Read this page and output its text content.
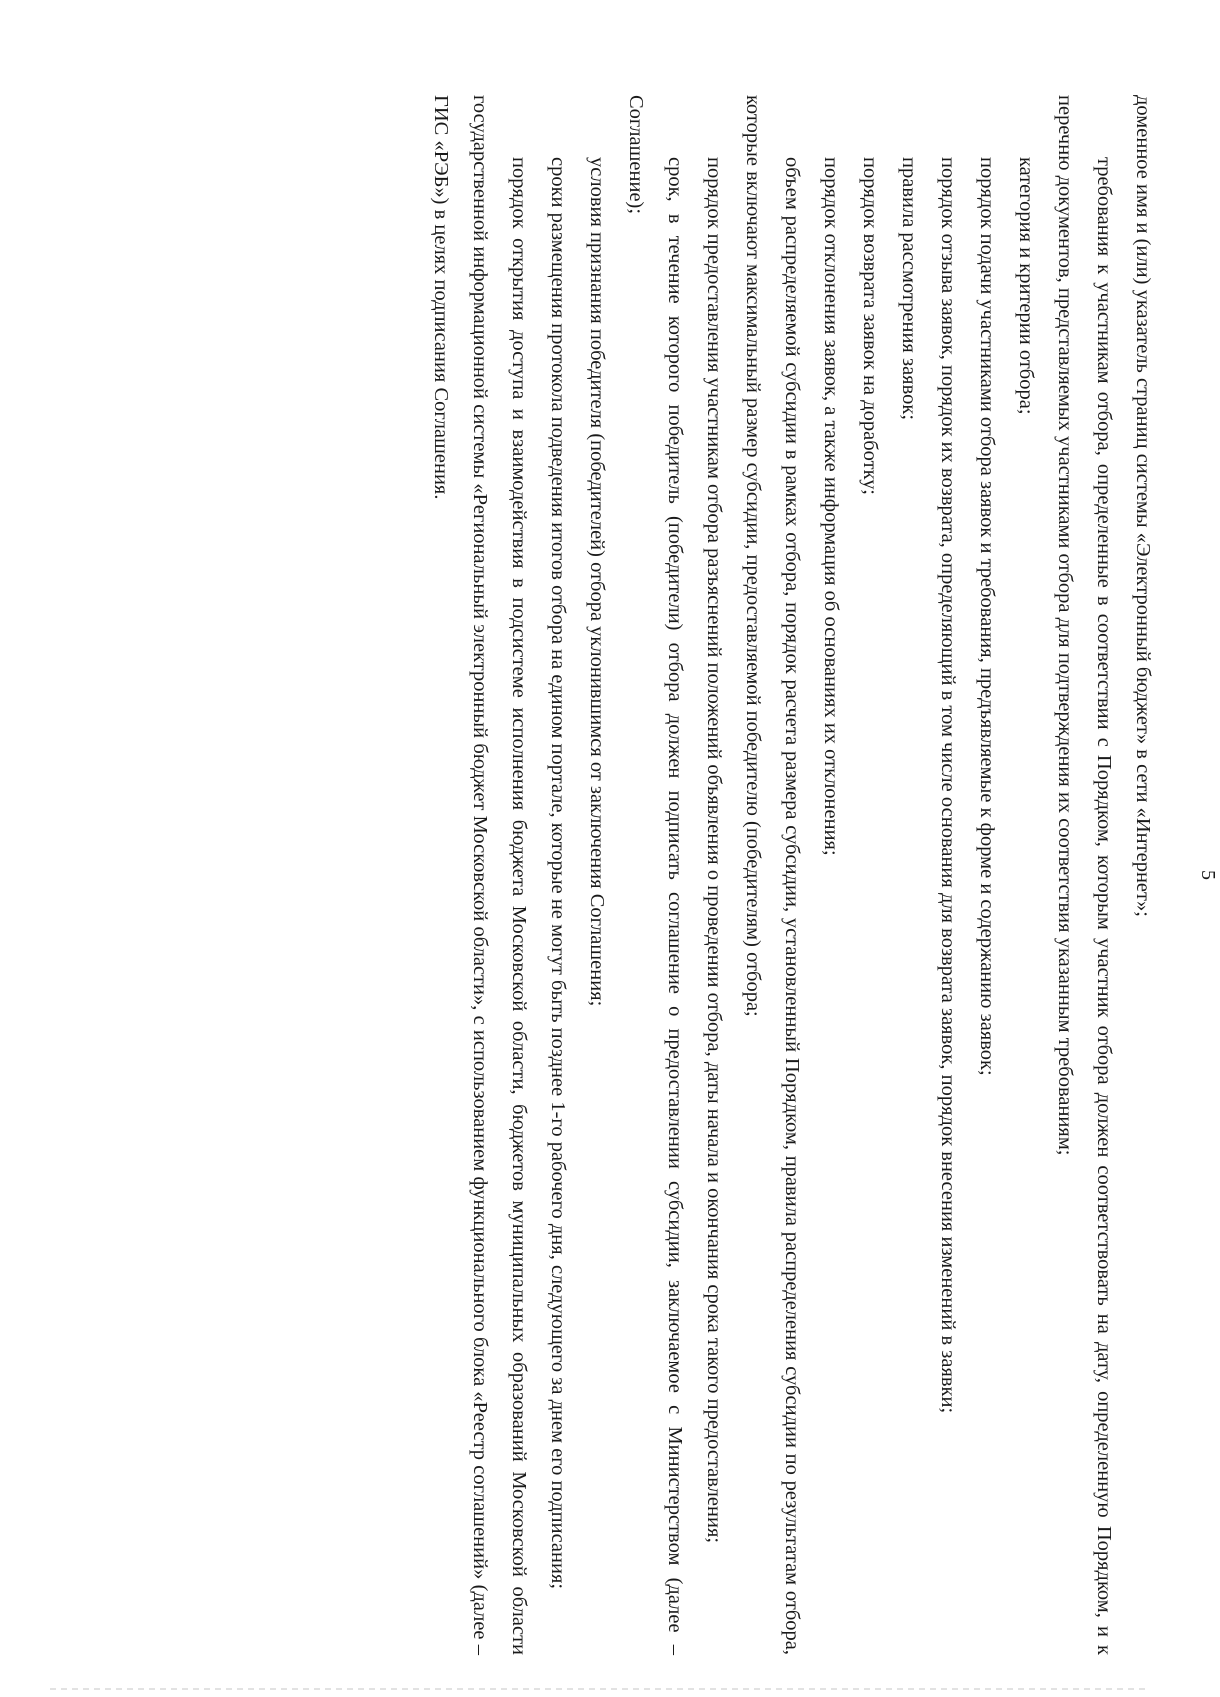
5

доменное имя и (или) указатель страниц системы «Электронный бюджет» в сети «Интернет»;

требования к участникам отбора, определенные в соответствии с Порядком, которым участник отбора должен соответствовать на дату, определенную Порядком, и к перечню документов, представляемых участниками отбора для подтверждения их соответствия указанным требованиям;

категория и критерии отбора;

порядок подачи участниками отбора заявок и требования, предъявляемые к форме и содержанию заявок;

порядок отзыва заявок, порядок их возврата, определяющий в том числе основания для возврата заявок, порядок внесения изменений в заявки;

правила рассмотрения заявок;

порядок возврата заявок на доработку;

порядок отклонения заявок, а также информация об основаниях их отклонения;

объем распределяемой субсидии в рамках отбора, порядок расчета размера субсидии, установленный Порядком, правила распределения субсидии по результатам отбора, которые включают максимальный размер субсидии, предоставляемой победителю (победителям) отбора;

порядок предоставления участникам отбора разъяснений положений объявления о проведении отбора, даты начала и окончания срока такого предоставления;

срок, в течение которого победитель (победители) отбора должен подписать соглашение о предоставлении субсидии, заключаемое с Министерством (далее – Соглашение);

условия признания победителя (победителей) отбора уклонившимся от заключения Соглашения;

сроки размещения протокола подведения итогов отбора на едином портале, которые не могут быть позднее 1-го рабочего дня, следующего за днем его подписания;

порядок открытия доступа и взаимодействия в подсистеме исполнения бюджета Московской области, бюджетов муниципальных образований Московской области государственной информационной системы «Региональный электронный бюджет Московской области», с использованием функционального блока «Реестр соглашений» (далее – ГИС «РЭБ») в целях подписания Соглашения.
